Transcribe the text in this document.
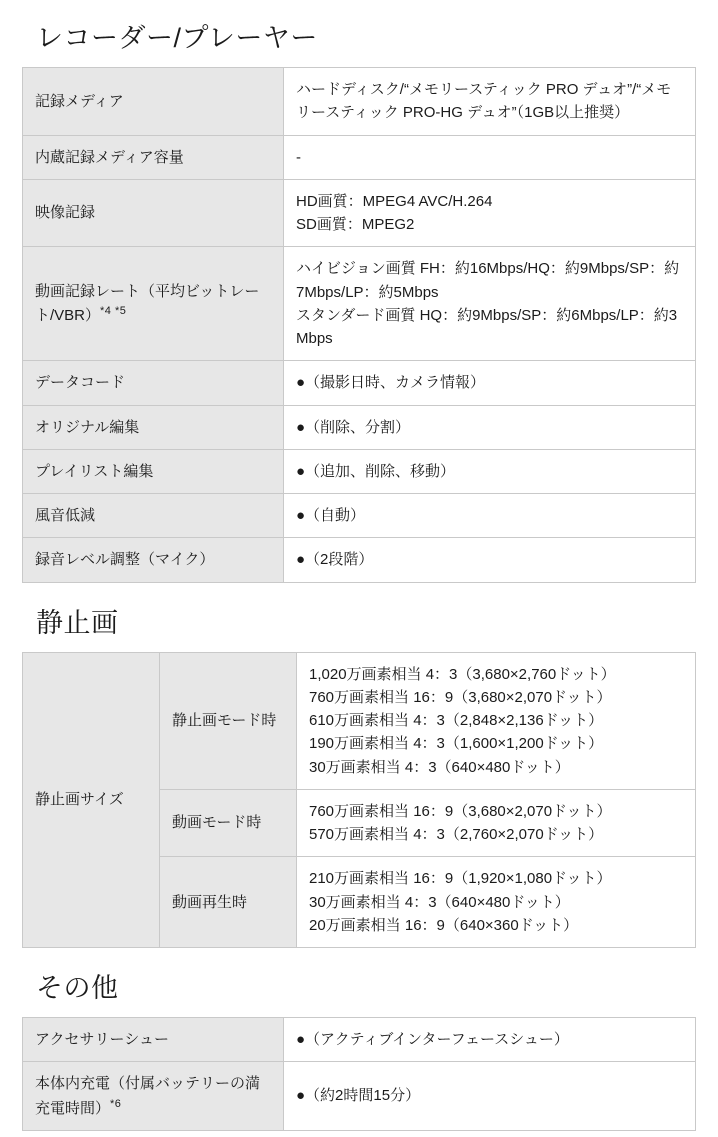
レコーダー/プレーヤー
記録メディア	ハードディスク/“メモリースティック PRO デュオ”/“メモリースティック PRO-HG デュオ”（1GB以上推奨）
内蔵記録メディア容量	-
映像記録	HD画質：MPEG4 AVC/H.264
SD画質：MPEG2

動画記録レート（平均ビットレート/VBR）$^{*4 *5}$	ハイビジョン画質 FH：約16Mbps/HQ：約9Mbps/SP：約7Mbps/LP：約5Mbps
スタンダード画質 HQ：約9Mbps/SP：約6Mbps/LP：約3Mbps

データコード	●（撮影日時、カメラ情報）
オリジナル編集	●（削除、分割）
プレイリスト編集	●（追加、削除、移動）
風音低減	●（自動）
録音レベル調整（マイク）	●（2段階）
静止画
静止画サイズ	静止画モード時	1,020万画素相当 4：3（3,680×2,760ドット）
760万画素相当 16：9（3,680×2,070ドット）
610万画素相当 4：3（2,848×2,136ドット）
190万画素相当 4：3（1,600×1,200ドット）
30万画素相当 4：3（640×480ドット）

	動画モード時	760万画素相当 16：9（3,680×2,070ドット）
570万画素相当 4：3（2,760×2,070ドット）

	動画再生時	210万画素相当 16：9（1,920×1,080ドット）
30万画素相当 4：3（640×480ドット）
20万画素相当 16：9（640×360ドット）
その他
アクセサリーシュー	●（アクティブインターフェースシュー）
本体内充電（付属バッテリーの満充電時間）$^{*6}$	●（約2時間15分）
